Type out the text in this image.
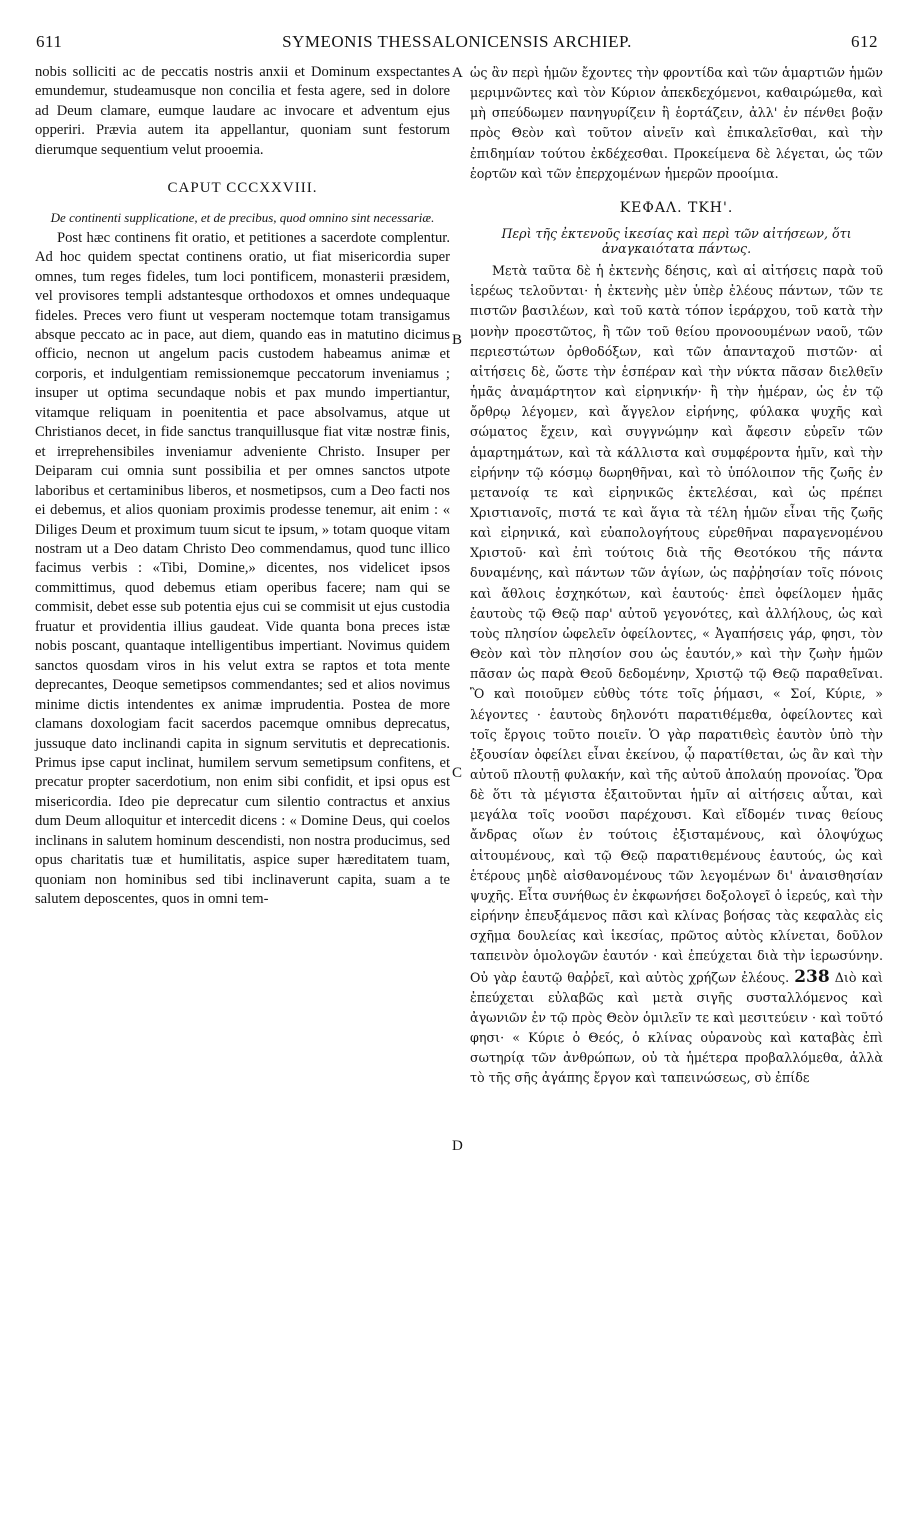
611	SYMEONIS THESSALONICENSIS ARCHIEP.	612
A
B
C
D

nobis solliciti ac de peccatis nostris anxii et Dominum exspectantes emundemur, studeamusque non concilia et festa agere, sed in dolore ad Deum clamare, eumque laudare ac invocare et adventum ejus opperiri. Prævia autem ita appellantur, quoniam sunt festorum dierumque sequentium velut prooemia.

CAPUT CCCXXVIII.
De continenti supplicatione, et de precibus, quod omnino sint necessariæ.

Post hæc continens fit oratio, et petitiones a sacerdote complentur. Ad hoc quidem spectat continens oratio, ut fiat misericordia super omnes, tum reges fideles, tum loci pontificem, monasterii præsidem, vel provisores templi adstantesque orthodoxos et omnes undequaque fideles. Preces vero fiunt ut vesperam noctemque totam transigamus absque peccato ac in pace, aut diem, quando eas in matutino dicimus officio, necnon ut angelum pacis custodem habeamus animæ et corporis, et indulgentiam remissionemque peccatorum inveniamus ; insuper ut optima secundaque nobis et pax mundo impertiantur, vitamque reliquam in poenitentia et pace absolvamus, atque ut Christianos decet, in fide sanctus tranquillusque fiat vitæ nostræ finis, et irreprehensibiles inveniamur adveniente Christo. Insuper per Deiparam cui omnia sunt possibilia et per omnes sanctos utpote laboribus et certaminibus liberos, et nosmetipsos, cum a Deo facti nos ei debemus, et alios quoniam proximis prodesse tenemur, ait enim : « Diliges Deum et proximum tuum sicut te ipsum, » totam quoque vitam nostram ut a Deo datam Christo Deo commendamus, quod tunc illico facimus verbis : «Tibi, Domine,» dicentes, nos videlicet ipsos committimus, quod debemus etiam operibus facere; nam qui se commisit, debet esse sub potentia ejus cui se commisit ut ejus custodia fruatur et providentia illius gaudeat. Vide quanta bona preces istæ nobis poscant, quantaque intelligentibus impertiant. Novimus quidem sanctos quosdam viros in his velut extra se raptos et tota mente deprecantes, Deoque semetipsos commendantes; sed et alios novimus minime dictis intendentes ex animæ imprudentia. Postea de more clamans doxologiam facit sacerdos pacemque omnibus deprecatus, jussuque dato inclinandi capita in signum servitutis et deprecationis. Primus ipse caput inclinat, humilem servum semetipsum confitens, et precatur propter sacerdotium, non enim sibi confidit, et ipsi opus est misericordia. Ideo pie deprecatur cum silentio contractus et anxius dum Deum alloquitur et intercedit dicens : « Domine Deus, qui coelos inclinans in salutem hominum descendisti, non nostra producimus, sed opus charitatis tuæ et humilitatis, aspice super hæreditatem tuam, quoniam non hominibus sed tibi inclinaverunt capita, suam a te salutem deposcentes, quos in omni tem-

ὡς ἂν περὶ ἡμῶν ἔχοντες τὴν φροντίδα καὶ τῶν ἁμαρτιῶν ἡμῶν μεριμνῶντες καὶ τὸν Κύριον ἀπεκδεχόμενοι, καθαιρώμεθα, καὶ μὴ σπεύδωμεν πανηγυρίζειν ἢ ἑορτάζειν, ἀλλ' ἐν πένθει βοᾷν πρὸς Θεὸν καὶ τοῦτον αἰνεῖν καὶ ἐπικαλεῖσθαι, καὶ τὴν ἐπιδημίαν τούτου ἐκδέχεσθαι. Προκείμενα δὲ λέγεται, ὡς τῶν ἑορτῶν καὶ τῶν ἐπερχομένων ἡμερῶν προοίμια.

ΚΕΦΑΛ. ΤΚΗ'.
Περὶ τῆς ἐκτενοῦς ἱκεσίας καὶ περὶ τῶν αἰτήσεων, ὅτι ἀναγκαιότατα πάντως.

Μετὰ ταῦτα δὲ ἡ ἐκτενὴς δέησις, καὶ αἱ αἰτήσεις παρὰ τοῦ ἱερέως τελοῦνται· ἡ ἐκτενὴς μὲν ὑπὲρ ἐλέους πάντων, τῶν τε πιστῶν βασιλέων, καὶ τοῦ κατὰ τόπον ἱεράρχου, τοῦ κατὰ τὴν μονὴν προεστῶτος, ἢ τῶν τοῦ θείου προνοουμένων ναοῦ, τῶν περιεστώτων ὀρθοδόξων, καὶ τῶν ἁπανταχοῦ πιστῶν· αἱ αἰτήσεις δὲ, ὥστε τὴν ἑσπέραν καὶ τὴν νύκτα πᾶσαν διελθεῖν ἡμᾶς ἀναμάρτητον καὶ εἰρηνικήν· ἢ τὴν ἡμέραν, ὡς ἐν τῷ ὄρθρῳ λέγομεν, καὶ ἄγγελον εἰρήνης, φύλακα ψυχῆς καὶ σώματος ἔχειν, καὶ συγγνώμην καὶ ἄφεσιν εὑρεῖν τῶν ἁμαρτημάτων, καὶ τὰ κάλλιστα καὶ συμφέροντα ἡμῖν, καὶ τὴν εἰρήνην τῷ κόσμῳ δωρηθῆναι, καὶ τὸ ὑπόλοιπον τῆς ζωῆς ἐν μετανοίᾳ τε καὶ εἰρηνικῶς ἐκτελέσαι, καὶ ὡς πρέπει Χριστιανοῖς, πιστά τε καὶ ἅγια τὰ τέλη ἡμῶν εἶναι τῆς ζωῆς καὶ εἰρηνικά, καὶ εὐαπολογήτους εὑρεθῆναι παραγενομένου Χριστοῦ· καὶ ἐπὶ τούτοις διὰ τῆς Θεοτόκου τῆς πάντα δυναμένης, καὶ πάντων τῶν ἁγίων, ὡς παῤῥησίαν τοῖς πόνοις καὶ ἄθλοις ἐσχηκότων, καὶ ἑαυτούς· ἐπεὶ ὀφείλομεν ἡμᾶς ἑαυτοὺς τῷ Θεῷ παρ' αὐτοῦ γεγονότες, καὶ ἀλλήλους, ὡς καὶ τοὺς πλησίον ὠφελεῖν ὀφείλοντες, « Ἀγαπήσεις γάρ, φησι, τὸν Θεὸν καὶ τὸν πλησίον σου ὡς ἑαυτόν,» καὶ τὴν ζωὴν ἡμῶν πᾶσαν ὡς παρὰ Θεοῦ δεδομένην, Χριστῷ τῷ Θεῷ παραθεῖναι. Ὃ καὶ ποιοῦμεν εὐθὺς τότε τοῖς ῥήμασι, « Σοί, Κύριε, » λέγοντες · ἑαυτοὺς δηλονότι παρατιθέμεθα, ὀφείλοντες καὶ τοῖς ἔργοις τοῦτο ποιεῖν. Ὁ γὰρ παρατιθεὶς ἑαυτὸν ὑπὸ τὴν ἐξουσίαν ὀφείλει εἶναι ἐκείνου, ᾧ παρατίθεται, ὡς ἂν καὶ τὴν αὐτοῦ πλουτῇ φυλακήν, καὶ τῆς αὐτοῦ ἀπολαύῃ προνοίας. Ὅρα δὲ ὅτι τὰ μέγιστα ἐξαιτοῦνται ἡμῖν αἱ αἰτήσεις αὗται, καὶ μεγάλα τοῖς νοοῦσι παρέχουσι. Καὶ εἴδομέν τινας θείους ἄνδρας οἵων ἐν τούτοις ἐξισταμένους, καὶ ὁλοψύχως αἰτουμένους, καὶ τῷ Θεῷ παρατιθεμένους ἑαυτούς, ὡς καὶ ἑτέρους μηδὲ αἰσθανομένους τῶν λεγομένων δι' ἀναισθησίαν ψυχῆς. Εἶτα συνήθως ἐν ἐκφωνήσει δοξολογεῖ ὁ ἱερεύς, καὶ τὴν εἰρήνην ἐπευξάμενος πᾶσι καὶ κλίνας βοήσας τὰς κεφαλὰς εἰς σχῆμα δουλείας καὶ ἱκεσίας, πρῶτος αὐτὸς κλίνεται, δοῦλον ταπεινὸν ὁμολογῶν ἑαυτόν · καὶ ἐπεύχεται διὰ τὴν ἱερωσύνην. Οὐ γὰρ ἑαυτῷ θαῤῥεῖ, καὶ αὐτὸς χρήζων ἐλέους. 238 Διὸ καὶ ἐπεύχεται εὐλαβῶς καὶ μετὰ σιγῆς συσταλλόμενος καὶ ἀγωνιῶν ἐν τῷ πρὸς Θεὸν ὁμιλεῖν τε καὶ μεσιτεύειν · καὶ τοῦτό φησι· « Κύριε ὁ Θεός, ὁ κλίνας οὐρανοὺς καὶ καταβὰς ἐπὶ σωτηρίᾳ τῶν ἀνθρώπων, οὐ τὰ ἡμέτερα προβαλλόμεθα, ἀλλὰ τὸ τῆς σῆς ἀγάπης ἔργον καὶ ταπεινώσεως, σὺ ἐπίδε
